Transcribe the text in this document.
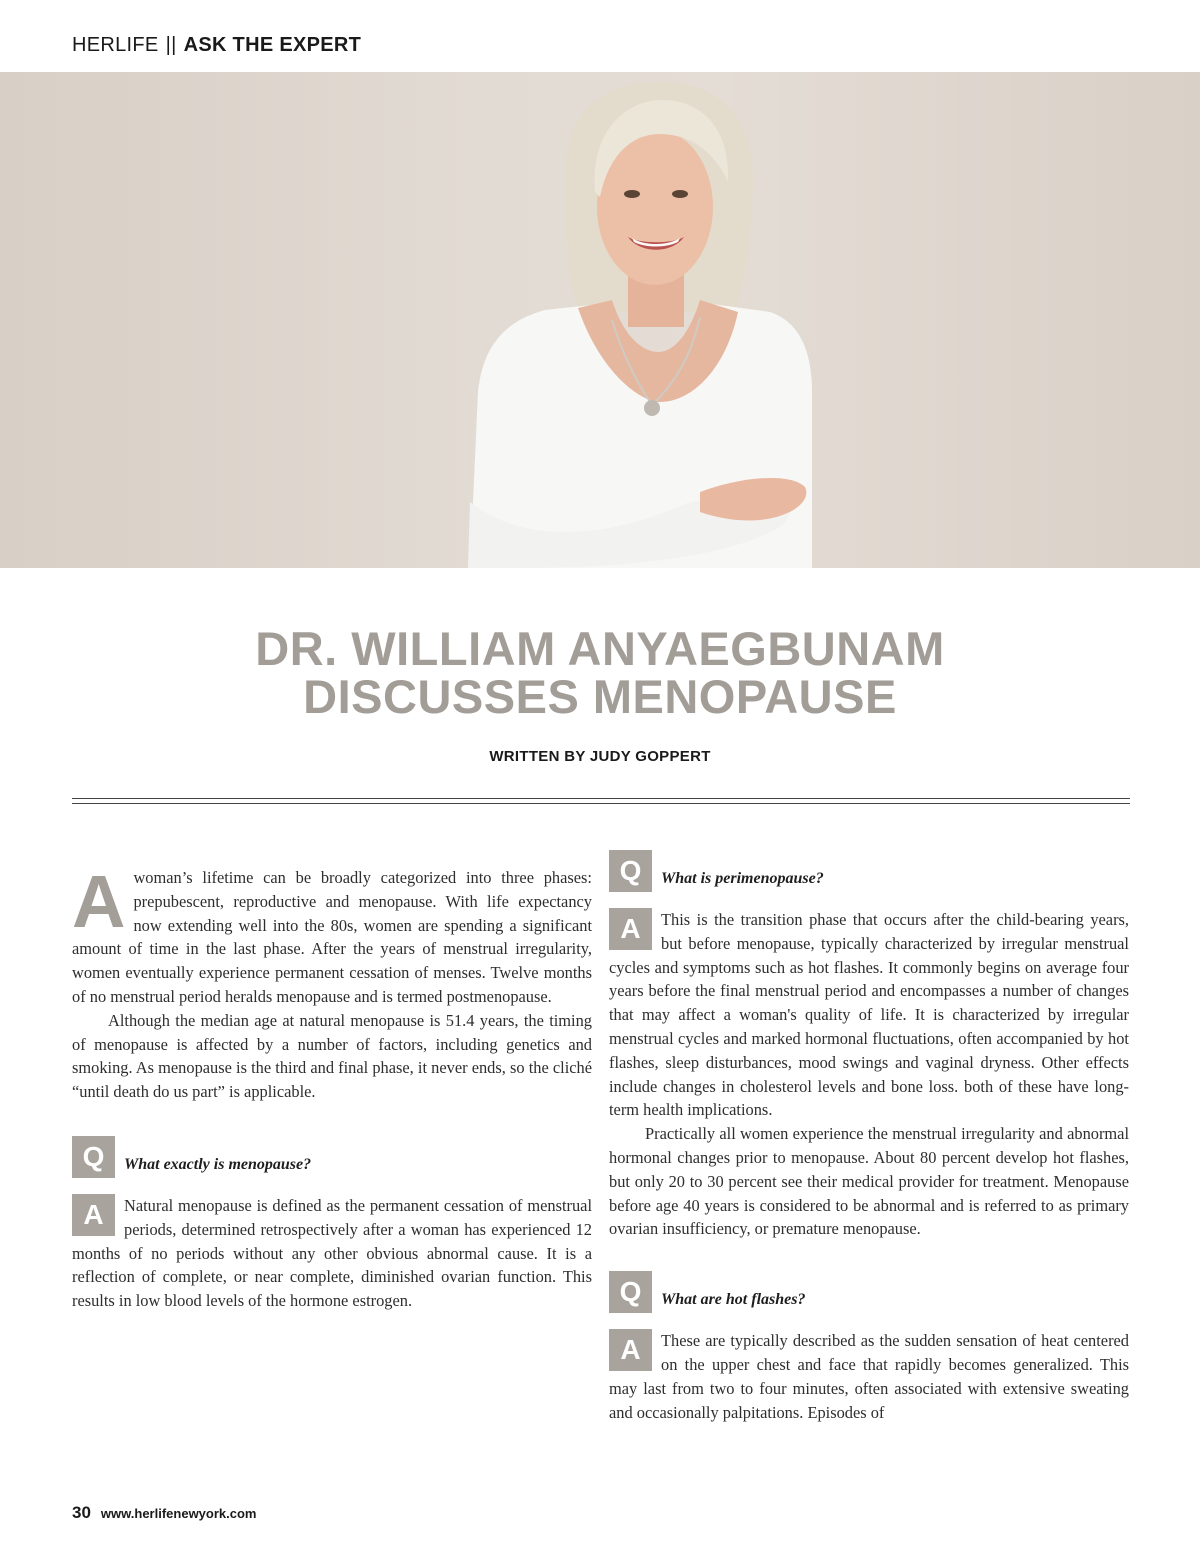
HERLIFE || ASK THE EXPERT
DR. WILLIAM ANYAEGBUNAM
DISCUSSES MENOPAUSE
WRITTEN BY JUDY GOPPERT

Awoman’s lifetime can be broadly categorized into three phases: prepubescent, reproductive and menopause. With life expectancy now extending well into the 80s, women are spending a significant amount of time in the last phase. After the years of menstrual irregularity, women eventually experience permanent cessation of menses. Twelve months of no menstrual period heralds menopause and is termed postmenopause.

Although the median age at natural menopause is 51.4 years, the timing of menopause is affected by a number of factors, including genetics and smoking. As menopause is the third and final phase, it never ends, so the cliché “until death do us part” is applicable.

Q	What exactly is menopause?
A	Natural menopause is defined as the permanent cessation of menstrual periods, determined retrospectively after a woman has experienced 12 months of no periods without any other obvious abnormal cause. It is a reflection of complete, or near complete, diminished ovarian function. This results in low blood levels of the hormone estrogen.

Q	What is perimenopause?
A	This is the transition phase that occurs after the child-bearing years, but before menopause, typically characterized by irregular menstrual cycles and symptoms such as hot flashes. It commonly begins on average four years before the final menstrual period and encompasses a number of changes that may affect a woman's quality of life. It is characterized by irregular menstrual cycles and marked hormonal fluctuations, often accompanied by hot flashes, sleep disturbances, mood swings and vaginal dryness. Other effects include changes in cholesterol levels and bone loss. both of these have long-term health implications.

Practically all women experience the menstrual irregularity and abnormal hormonal changes prior to menopause. About 80 percent develop hot flashes, but only 20 to 30 percent see their medical provider for treatment. Menopause before age 40 years is considered to be abnormal and is referred to as primary ovarian insufficiency, or premature menopause.

Q	What are hot flashes?
A	These are typically described as the sudden sensation of heat centered on the upper chest and face that rapidly becomes generalized. This may last from two to four minutes, often associated with extensive sweating and occasionally palpitations. Episodes of

30 www.herlifenewyork.com
